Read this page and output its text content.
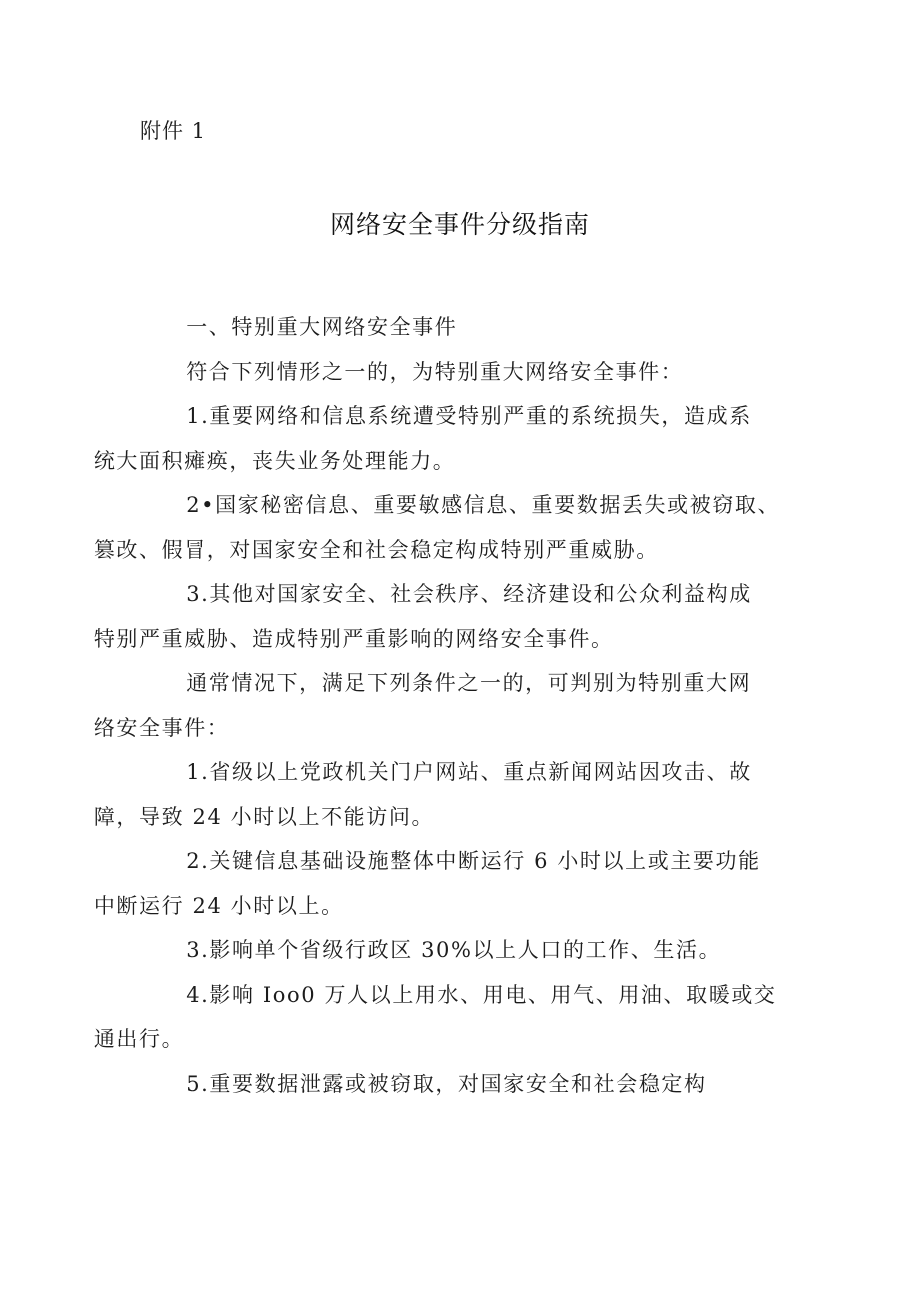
附件 1
网络安全事件分级指南

一、特别重大网络安全事件

符合下列情形之一的，为特别重大网络安全事件：

1.重要网络和信息系统遭受特别严重的系统损失，造成系
统大面积瘫痪，丧失业务处理能力。

2•国家秘密信息、重要敏感信息、重要数据丢失或被窃取、
篡改、假冒，对国家安全和社会稳定构成特别严重威胁。

3.其他对国家安全、社会秩序、经济建设和公众利益构成
特别严重威胁、造成特别严重影响的网络安全事件。

通常情况下，满足下列条件之一的，可判别为特别重大网
络安全事件：

1.省级以上党政机关门户网站、重点新闻网站因攻击、故
障，导致 24 小时以上不能访问。

2.关键信息基础设施整体中断运行 6 小时以上或主要功能
中断运行 24 小时以上。

3.影响单个省级行政区 30%以上人口的工作、生活。

4.影响 Ioo0 万人以上用水、用电、用气、用油、取暖或交
通出行。

5.重要数据泄露或被窃取，对国家安全和社会稳定构
